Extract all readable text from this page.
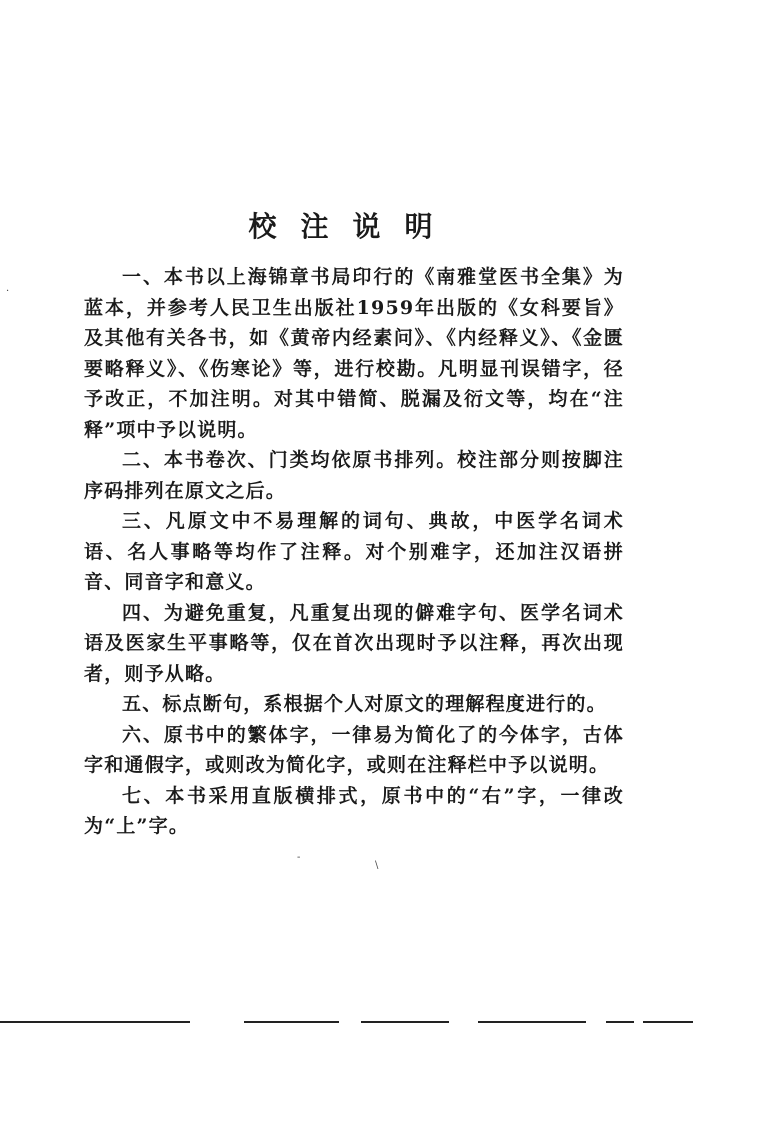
校注说明
·

一、本书以上海锦章书局印行的《南雅堂医书全集》为蓝本，并参考人民卫生出版社1959年出版的《女科要旨》及其他有关各书，如《黄帝内经素问》、《内经释义》、《金匮要略释义》、《伤寒论》等，进行校勘。凡明显刊误错字，径予改正，不加注明。对其中错简、脱漏及衍文等，均在“注释”项中予以说明。

二、本书卷次、门类均依原书排列。校注部分则按脚注序码排列在原文之后。

三、凡原文中不易理解的词句、典故，中医学名词术语、名人事略等均作了注释。对个别难字，还加注汉语拼音、同音字和意义。

四、为避免重复，凡重复出现的僻难字句、医学名词术语及医家生平事略等，仅在首次出现时予以注释，再次出现者，则予从略。

五、标点断句，系根据个人对原文的理解程度进行的。

六、原书中的繁体字，一律易为简化了的今体字，古体字和通假字，或则改为简化字，或则在注释栏中予以说明。

七、本书采用直版横排式，原书中的“右”字，一律改为“上”字。

-
\
